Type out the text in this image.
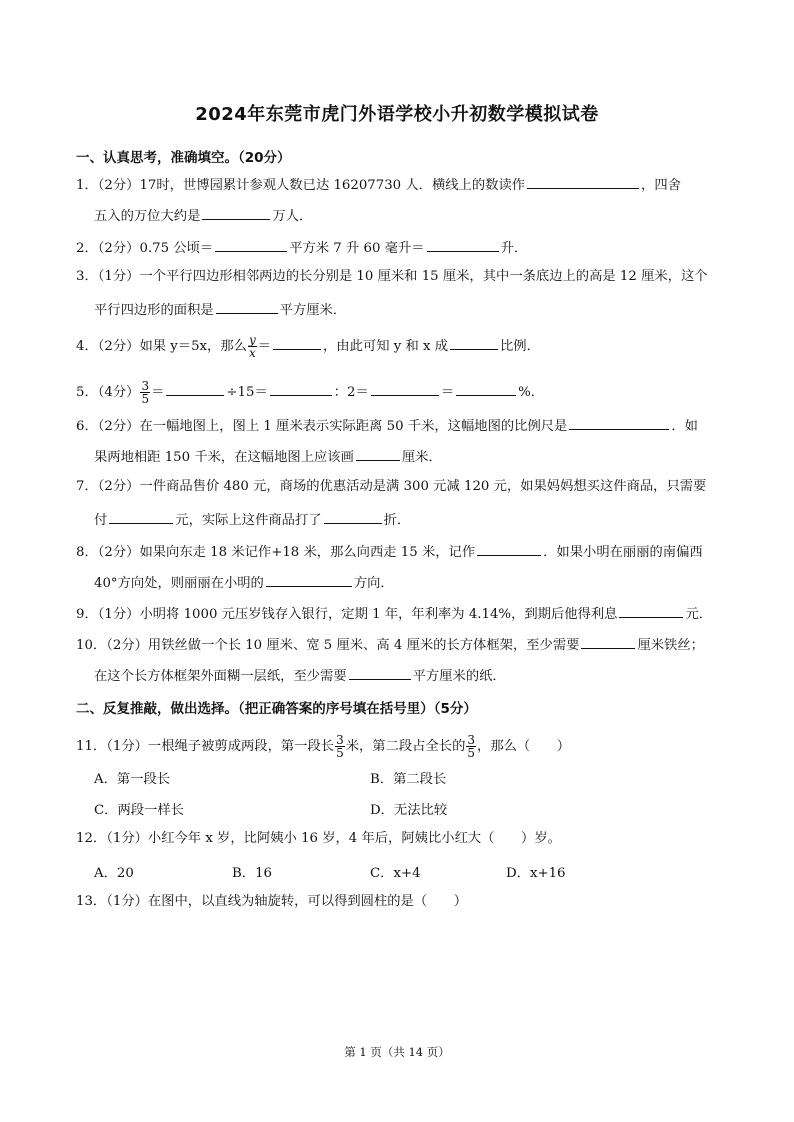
2024年东莞市虎门外语学校小升初数学模拟试卷
一、认真思考，准确填空。（20分）
1．（2分）17时，世博园累计参观人数已达 16207730 人．横线上的数读作	，四舍
五入的万位大约是	万人．
2．（2分）0.75 公顷＝	平方米 7 升 60 毫升＝	升．
3．（1分）一个平行四边形相邻两边的长分别是 10 厘米和 15 厘米，其中一条底边上的高是 12 厘米，这个
平行四边形的面积是	平方厘米．
4．（2分）如果 y＝5x，那么 $\frac{y}{x}$ ＝	，由此可知 y 和 x 成	比例．
5．（4分） $\frac{3}{5}$ ＝	÷15＝	：2＝	＝	%．
6．（2分）在一幅地图上，图上 1 厘米表示实际距离 50 千米，这幅地图的比例尺是	．如
果两地相距 150 千米，在这幅地图上应该画	厘米．
7．（2分）一件商品售价 480 元，商场的优惠活动是满 300 元减 120 元，如果妈妈想买这件商品，只需要
付	元，实际上这件商品打了	折．
8．（2分）如果向东走 18 米记作+18 米，那么向西走 15 米，记作	．如果小明在丽丽的南偏西
40°方向处，则丽丽在小明的	方向．
9．（1分）小明将 1000 元压岁钱存入银行，定期 1 年，年利率为 4.14%，到期后他得利息	元．
10．（2分）用铁丝做一个长 10 厘米、宽 5 厘米、高 4 厘米的长方体框架，至少需要	厘米铁丝；
在这个长方体框架外面糊一层纸，至少需要	平方厘米的纸．
二、反复推敲，做出选择。（把正确答案的序号填在括号里）（5分）
11．（1分）一根绳子被剪成两段，第一段长 $\frac{3}{5}$ 米，第二段占全长的 $\frac{3}{5}$ ，那么（　　）
A．第一段长	B．第二段长
C．两段一样长	D．无法比较
12．（1分）小红今年 x 岁，比阿姨小 16 岁，4 年后，阿姨比小红大（　　）岁。
A．20	B．16	C．x+4	D．x+16
13．（1分）在图中，以直线为轴旋转，可以得到圆柱的是（　　）
第 1 页（共 14 页）
